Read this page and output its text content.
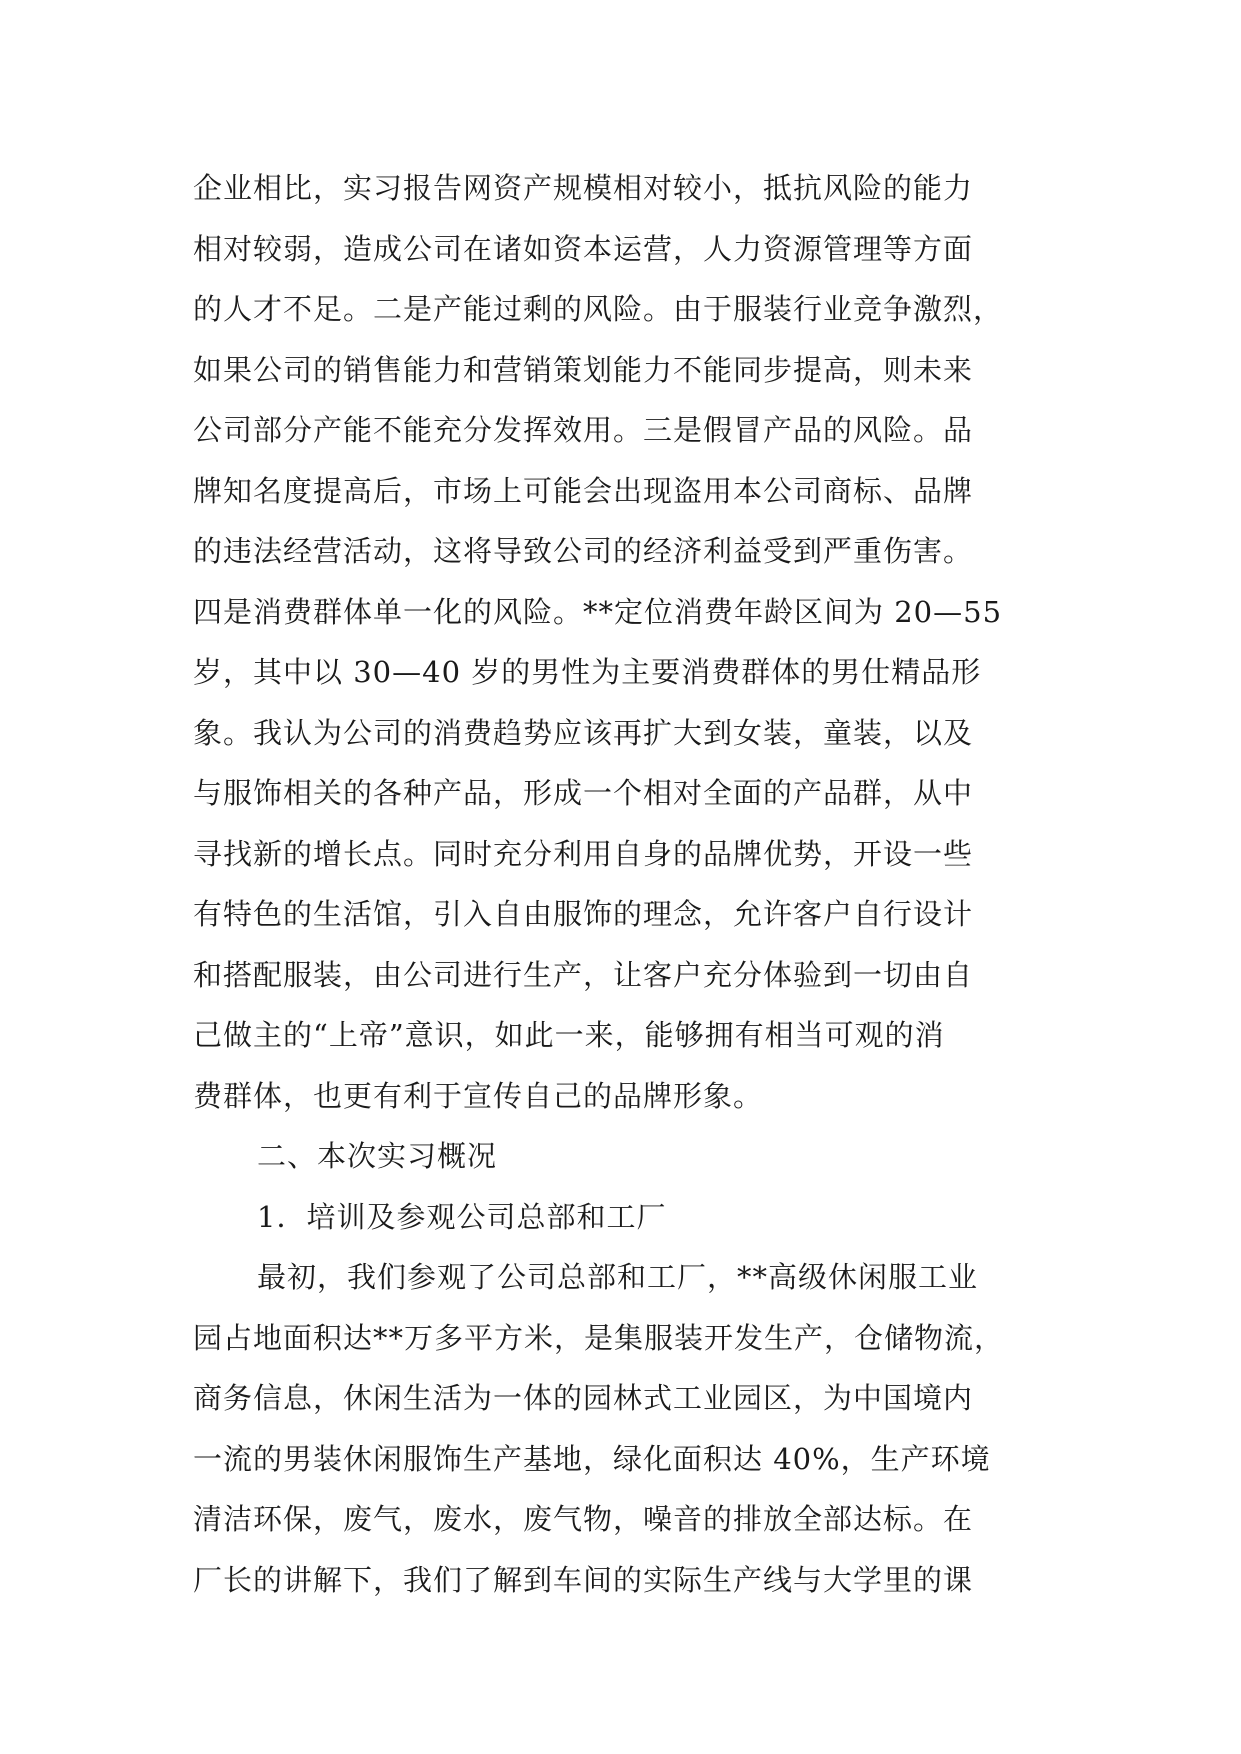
企业相比，实习报告网资产规模相对较小，抵抗风险的能力
相对较弱，造成公司在诸如资本运营，人力资源管理等方面
的人才不足。二是产能过剩的风险。由于服装行业竞争激烈，
如果公司的销售能力和营销策划能力不能同步提高，则未来
公司部分产能不能充分发挥效用。三是假冒产品的风险。品
牌知名度提高后，市场上可能会出现盗用本公司商标、品牌
的违法经营活动，这将导致公司的经济利益受到严重伤害。
四是消费群体单一化的风险。**定位消费年龄区间为 20—55
岁，其中以 30—40 岁的男性为主要消费群体的男仕精品形
象。我认为公司的消费趋势应该再扩大到女装，童装，以及
与服饰相关的各种产品，形成一个相对全面的产品群，从中
寻找新的增长点。同时充分利用自身的品牌优势，开设一些
有特色的生活馆，引入自由服饰的理念，允许客户自行设计
和搭配服装，由公司进行生产，让客户充分体验到一切由自
己做主的“上帝”意识，如此一来，能够拥有相当可观的消
费群体，也更有利于宣传自己的品牌形象。
二、本次实习概况
1．培训及参观公司总部和工厂
最初，我们参观了公司总部和工厂，**高级休闲服工业
园占地面积达**万多平方米，是集服装开发生产，仓储物流，
商务信息，休闲生活为一体的园林式工业园区，为中国境内
一流的男装休闲服饰生产基地，绿化面积达 40%，生产环境
清洁环保，废气，废水，废气物，噪音的排放全部达标。在
厂长的讲解下，我们了解到车间的实际生产线与大学里的课
